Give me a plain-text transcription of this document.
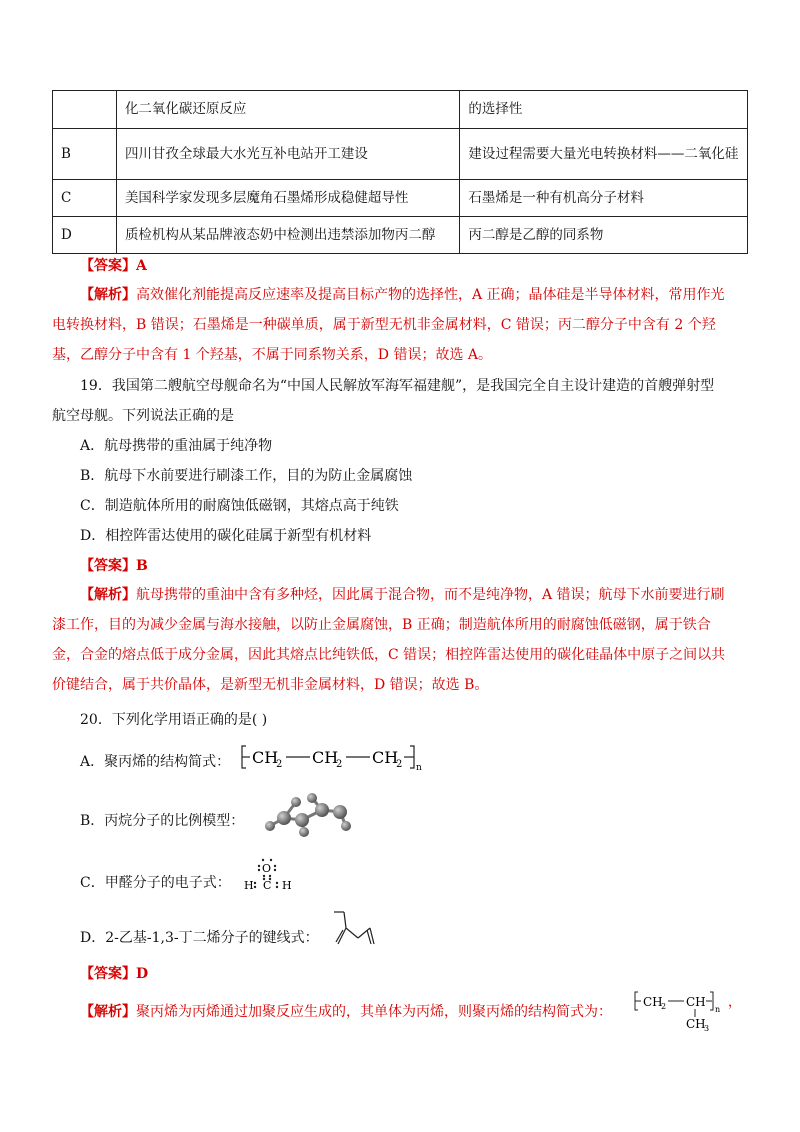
	化二氧化碳还原反应	的选择性
B	四川甘孜全球最大水光互补电站开工建设	建设过程需要大量光电转换材料——二氧化硅
C	美国科学家发现多层魔角石墨烯形成稳健超导性	石墨烯是一种有机高分子材料
D	质检机构从某品牌液态奶中检测出违禁添加物丙二醇	丙二醇是乙醇的同系物
【答案】A
【解析】高效催化剂能提高反应速率及提高目标产物的选择性，A 正确；晶体硅是半导体材料，常用作光
电转换材料，B 错误；石墨烯是一种碳单质，属于新型无机非金属材料，C 错误；丙二醇分子中含有 2 个羟
基，乙醇分子中含有 1 个羟基，不属于同系物关系，D 错误；故选 A。
19．我国第二艘航空母舰命名为“中国人民解放军海军福建舰”，是我国完全自主设计建造的首艘弹射型
航空母舰。下列说法正确的是
A．航母携带的重油属于纯净物
B．航母下水前要进行刷漆工作，目的为防止金属腐蚀
C．制造航体所用的耐腐蚀低磁钢，其熔点高于纯铁
D．相控阵雷达使用的碳化硅属于新型有机材料
【答案】B
【解析】航母携带的重油中含有多种烃，因此属于混合物，而不是纯净物，A 错误；航母下水前要进行刷
漆工作，目的为减少金属与海水接触，以防止金属腐蚀，B 正确；制造航体所用的耐腐蚀低磁钢，属于铁合
金，合金的熔点低于成分金属，因此其熔点比纯铁低，C 错误；相控阵雷达使用的碳化硅晶体中原子之间以共
价键结合，属于共价晶体，是新型无机非金属材料，D 错误；故选 B。
20．下列化学用语正确的是( )
A．聚丙烯的结构简式： CH
2 CH
2 CH
2 n
B．丙烷分子的比例模型：
C．甲醛分子的电子式：
O
H C H
D．2-乙基-1,3-丁二烯分子的键线式：
【答案】D
【解析】聚丙烯为丙烯通过加聚反应生成的，其单体为丙烯，则聚丙烯的结构简式为：
CH
2 CH
n
CH
3
，
